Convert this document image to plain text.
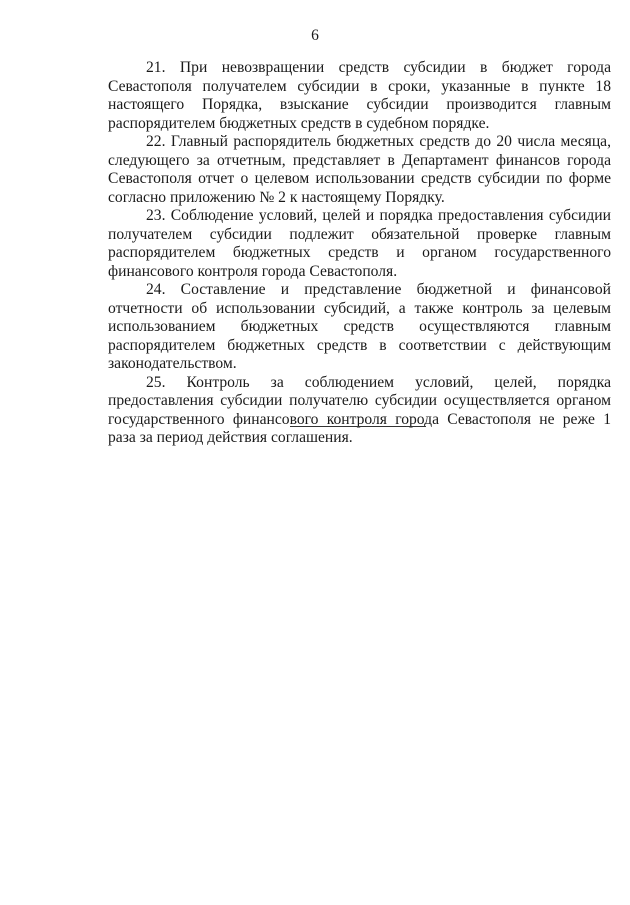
6

21. При невозвращении средств субсидии в бюджет города Севастополя получателем субсидии в сроки, указанные в пункте 18 настоящего Порядка, взыскание субсидии производится главным распорядителем бюджетных средств в судебном порядке.

22. Главный распорядитель бюджетных средств до 20 числа месяца, следующего за отчетным, представляет в Департамент финансов города Севастополя отчет о целевом использовании средств субсидии по форме согласно приложению № 2 к настоящему Порядку.

23. Соблюдение условий, целей и порядка предоставления субсидии получателем субсидии подлежит обязательной проверке главным распорядителем бюджетных средств и органом государственного финансового контроля города Севастополя.

24. Составление и представление бюджетной и финансовой отчетности об использовании субсидий, а также контроль за целевым использованием бюджетных средств осуществляются главным распорядителем бюджетных средств в соответствии с действующим законодательством.

25. Контроль за соблюдением условий, целей, порядка предоставления субсидии получателю субсидии осуществляется органом государственного финансового контроля города Севастополя не реже 1 раза за период действия соглашения.
